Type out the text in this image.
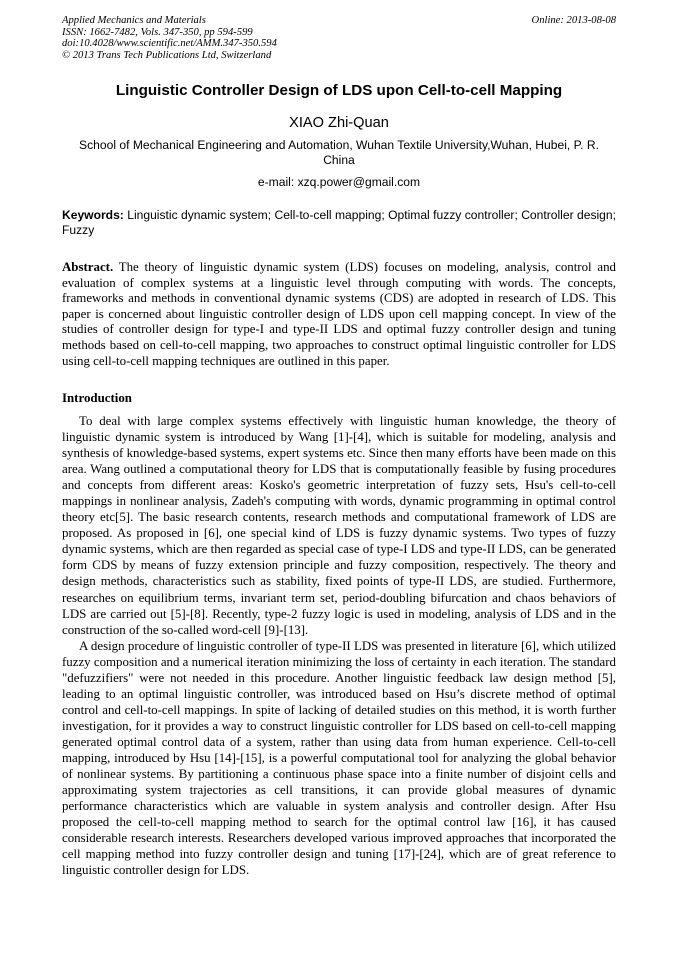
Applied Mechanics and Materials
ISSN: 1662-7482, Vols. 347-350, pp 594-599
doi:10.4028/www.scientific.net/AMM.347-350.594
© 2013 Trans Tech Publications Ltd, Switzerland
Online: 2013-08-08
Linguistic Controller Design of LDS upon Cell-to-cell Mapping
XIAO Zhi-Quan
School of Mechanical Engineering and Automation, Wuhan Textile University,Wuhan, Hubei, P. R. China
e-mail: xzq.power@gmail.com
Keywords: Linguistic dynamic system; Cell-to-cell mapping; Optimal fuzzy controller; Controller design; Fuzzy
Abstract. The theory of linguistic dynamic system (LDS) focuses on modeling, analysis, control and evaluation of complex systems at a linguistic level through computing with words. The concepts, frameworks and methods in conventional dynamic systems (CDS) are adopted in research of LDS. This paper is concerned about linguistic controller design of LDS upon cell mapping concept. In view of the studies of controller design for type-I and type-II LDS and optimal fuzzy controller design and tuning methods based on cell-to-cell mapping, two approaches to construct optimal linguistic controller for LDS using cell-to-cell mapping techniques are outlined in this paper.
Introduction

To deal with large complex systems effectively with linguistic human knowledge, the theory of linguistic dynamic system is introduced by Wang [1]-[4], which is suitable for modeling, analysis and synthesis of knowledge-based systems, expert systems etc. Since then many efforts have been made on this area. Wang outlined a computational theory for LDS that is computationally feasible by fusing procedures and concepts from different areas: Kosko's geometric interpretation of fuzzy sets, Hsu's cell-to-cell mappings in nonlinear analysis, Zadeh's computing with words, dynamic programming in optimal control theory etc[5]. The basic research contents, research methods and computational framework of LDS are proposed. As proposed in [6], one special kind of LDS is fuzzy dynamic systems. Two types of fuzzy dynamic systems, which are then regarded as special case of type-I LDS and type-II LDS, can be generated form CDS by means of fuzzy extension principle and fuzzy composition, respectively. The theory and design methods, characteristics such as stability, fixed points of type-II LDS, are studied. Furthermore, researches on equilibrium terms, invariant term set, period-doubling bifurcation and chaos behaviors of LDS are carried out [5]-[8]. Recently, type-2 fuzzy logic is used in modeling, analysis of LDS and in the construction of the so-called word-cell [9]-[13].

A design procedure of linguistic controller of type-II LDS was presented in literature [6], which utilized fuzzy composition and a numerical iteration minimizing the loss of certainty in each iteration. The standard "defuzzifiers" were not needed in this procedure. Another linguistic feedback law design method [5], leading to an optimal linguistic controller, was introduced based on Hsu’s discrete method of optimal control and cell-to-cell mappings. In spite of lacking of detailed studies on this method, it is worth further investigation, for it provides a way to construct linguistic controller for LDS based on cell-to-cell mapping generated optimal control data of a system, rather than using data from human experience. Cell-to-cell mapping, introduced by Hsu [14]-[15], is a powerful computational tool for analyzing the global behavior of nonlinear systems. By partitioning a continuous phase space into a finite number of disjoint cells and approximating system trajectories as cell transitions, it can provide global measures of dynamic performance characteristics which are valuable in system analysis and controller design. After Hsu proposed the cell-to-cell mapping method to search for the optimal control law [16], it has caused considerable research interests. Researchers developed various improved approaches that incorporated the cell mapping method into fuzzy controller design and tuning [17]-[24], which are of great reference to linguistic controller design for LDS.
